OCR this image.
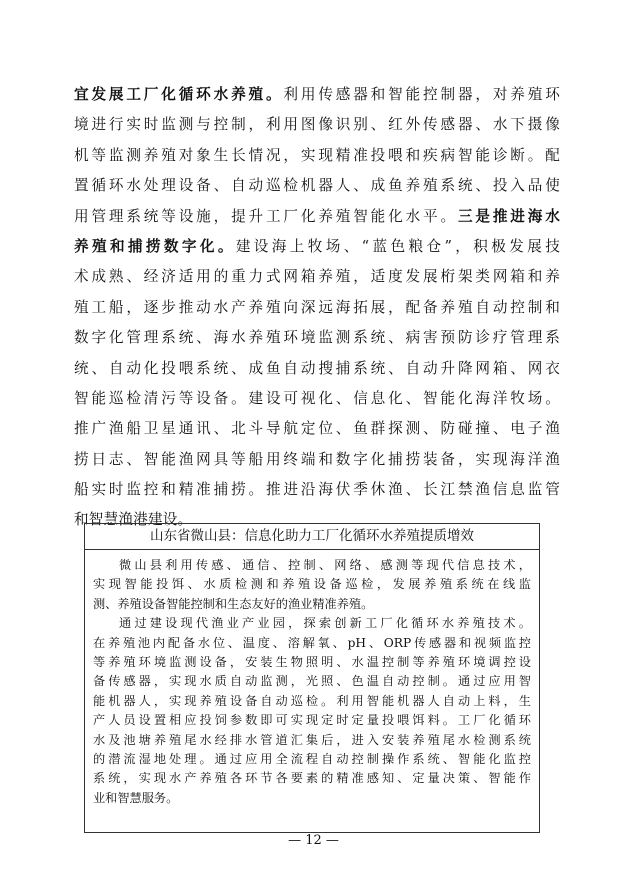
宜发展工厂化循环水养殖。利用传感器和智能控制器，对养殖环
境进行实时监测与控制，利用图像识别、红外传感器、水下摄像
机等监测养殖对象生长情况，实现精准投喂和疾病智能诊断。配
置循环水处理设备、自动巡检机器人、成鱼养殖系统、投入品使
用管理系统等设施，提升工厂化养殖智能化水平。三是推进海水
养殖和捕捞数字化。建设海上牧场、“蓝色粮仓”，积极发展技
术成熟、经济适用的重力式网箱养殖，适度发展桁架类网箱和养
殖工船，逐步推动水产养殖向深远海拓展，配备养殖自动控制和
数字化管理系统、海水养殖环境监测系统、病害预防诊疗管理系
统、自动化投喂系统、成鱼自动搜捕系统、自动升降网箱、网衣
智能巡检清污等设备。建设可视化、信息化、智能化海洋牧场。
推广渔船卫星通讯、北斗导航定位、鱼群探测、防碰撞、电子渔
捞日志、智能渔网具等船用终端和数字化捕捞装备，实现海洋渔
船实时监控和精准捕捞。推进沿海伏季休渔、长江禁渔信息监管
和智慧渔港建设。
山东省微山县：信息化助力工厂化循环水养殖提质增效
微山县利用传感、通信、控制、网络、感测等现代信息技术，
实现智能投饵、水质检测和养殖设备巡检，发展养殖系统在线监
测、养殖设备智能控制和生态友好的渔业精准养殖。
通过建设现代渔业产业园，探索创新工厂化循环水养殖技术。
在养殖池内配备水位、温度、溶解氧、pH、ORP传感器和视频监控
等养殖环境监测设备，安装生物照明、水温控制等养殖环境调控设
备传感器，实现水质自动监测，光照、色温自动控制。通过应用智
能机器人，实现养殖设备自动巡检。利用智能机器人自动上料，生
产人员设置相应投饲参数即可实现定时定量投喂饵料。工厂化循环
水及池塘养殖尾水经排水管道汇集后，进入安装养殖尾水检测系统
的潜流湿地处理。通过应用全流程自动控制操作系统、智能化监控
系统，实现水产养殖各环节各要素的精准感知、定量决策、智能作
业和智慧服务。
— 12 —
